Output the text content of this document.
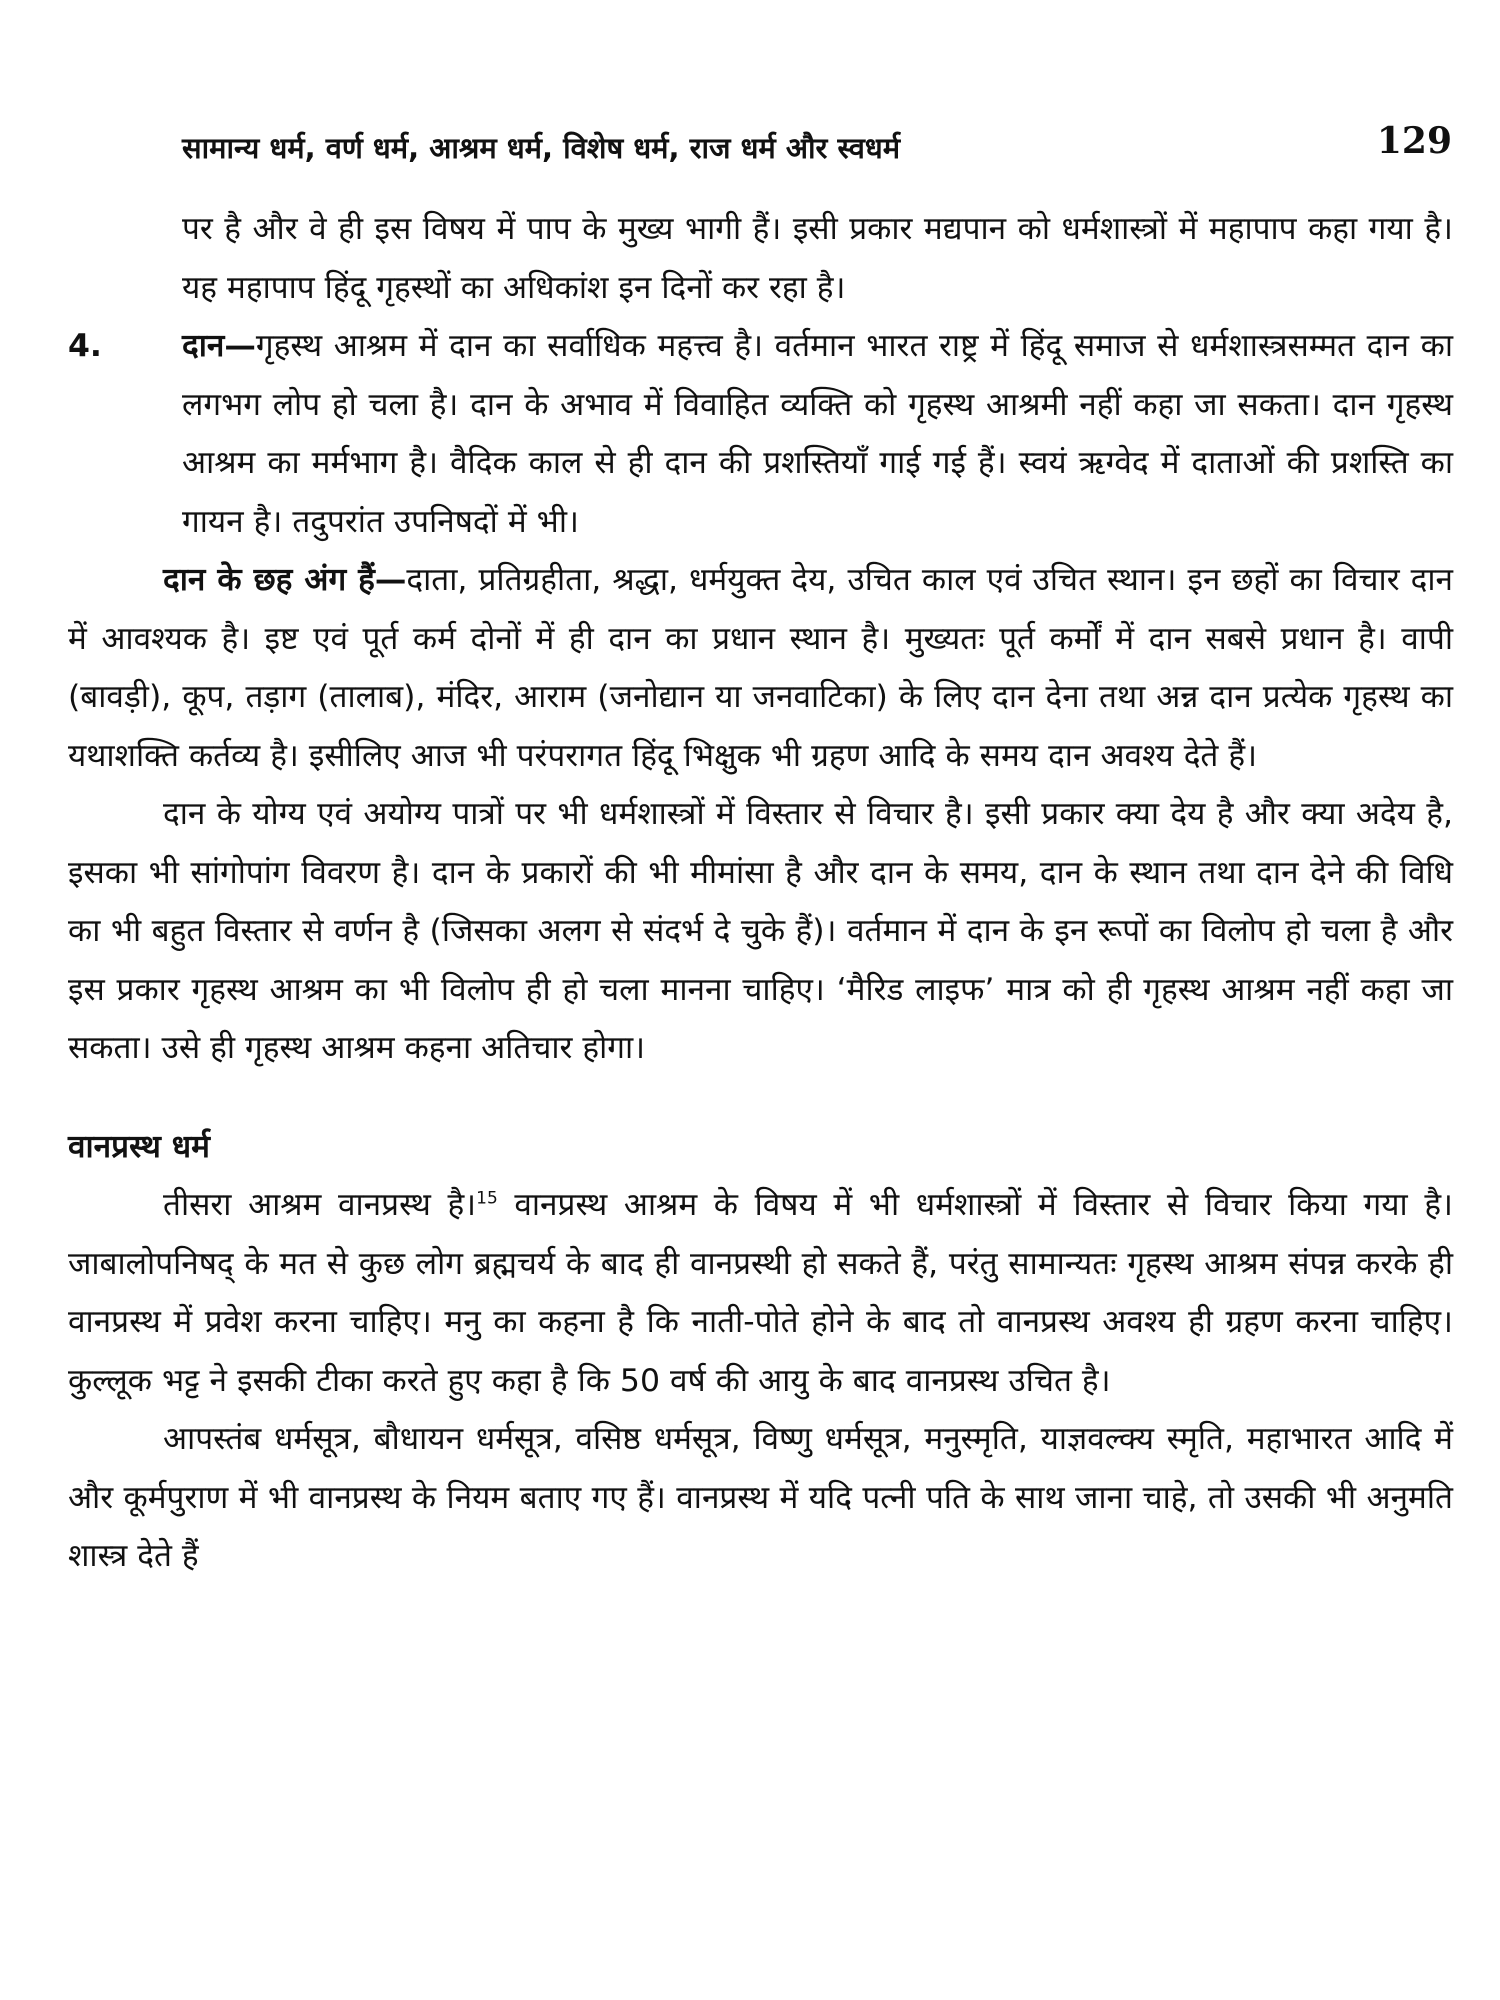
सामान्य धर्म, वर्ण धर्म, आश्रम धर्म, विशेष धर्म, राज धर्म और स्वधर्म	129

पर है और वे ही इस विषय में पाप के मुख्य भागी हैं। इसी प्रकार मद्यपान को धर्मशास्त्रों में महापाप कहा गया है। यह महापाप हिंदू गृहस्थों का अधिकांश इन दिनों कर रहा है।

4.	दान—गृहस्थ आश्रम में दान का सर्वाधिक महत्त्व है। वर्तमान भारत राष्ट्र में हिंदू समाज से धर्मशास्त्रसम्मत दान का लगभग लोप हो चला है। दान के अभाव में विवाहित व्यक्ति को गृहस्थ आश्रमी नहीं कहा जा सकता। दान गृहस्थ आश्रम का मर्मभाग है। वैदिक काल से ही दान की प्रशस्तियाँ गाई गई हैं। स्वयं ऋग्वेद में दाताओं की प्रशस्ति का गायन है। तदुपरांत उपनिषदों में भी।

दान के छह अंग हैं—दाता, प्रतिग्रहीता, श्रद्धा, धर्मयुक्त देय, उचित काल एवं उचित स्थान। इन छहों का विचार दान में आवश्यक है। इष्ट एवं पूर्त कर्म दोनों में ही दान का प्रधान स्थान है। मुख्यतः पूर्त कर्मों में दान सबसे प्रधान है। वापी (बावड़ी), कूप, तड़ाग (तालाब), मंदिर, आराम (जनोद्यान या जनवाटिका) के लिए दान देना तथा अन्न दान प्रत्येक गृहस्थ का यथाशक्ति कर्तव्य है। इसीलिए आज भी परंपरागत हिंदू भिक्षुक भी ग्रहण आदि के समय दान अवश्य देते हैं।

दान के योग्य एवं अयोग्य पात्रों पर भी धर्मशास्त्रों में विस्तार से विचार है। इसी प्रकार क्या देय है और क्या अदेय है, इसका भी सांगोपांग विवरण है। दान के प्रकारों की भी मीमांसा है और दान के समय, दान के स्थान तथा दान देने की विधि का भी बहुत विस्तार से वर्णन है (जिसका अलग से संदर्भ दे चुके हैं)। वर्तमान में दान के इन रूपों का विलोप हो चला है और इस प्रकार गृहस्थ आश्रम का भी विलोप ही हो चला मानना चाहिए। ‘मैरिड लाइफ’ मात्र को ही गृहस्थ आश्रम नहीं कहा जा सकता। उसे ही गृहस्थ आश्रम कहना अतिचार होगा।

वानप्रस्थ धर्म

तीसरा आश्रम वानप्रस्थ है।$^{15}$ वानप्रस्थ आश्रम के विषय में भी धर्मशास्त्रों में विस्तार से विचार किया गया है। जाबालोपनिषद् के मत से कुछ लोग ब्रह्मचर्य के बाद ही वानप्रस्थी हो सकते हैं, परंतु सामान्यतः गृहस्थ आश्रम संपन्न करके ही वानप्रस्थ में प्रवेश करना चाहिए। मनु का कहना है कि नाती-पोते होने के बाद तो वानप्रस्थ अवश्य ही ग्रहण करना चाहिए। कुल्लूक भट्ट ने इसकी टीका करते हुए कहा है कि 50 वर्ष की आयु के बाद वानप्रस्थ उचित है।

आपस्तंब धर्मसूत्र, बौधायन धर्मसूत्र, वसिष्ठ धर्मसूत्र, विष्णु धर्मसूत्र, मनुस्मृति, याज्ञवल्क्य स्मृति, महाभारत आदि में और कूर्मपुराण में भी वानप्रस्थ के नियम बताए गए हैं। वानप्रस्थ में यदि पत्नी पति के साथ जाना चाहे, तो उसकी भी अनुमति शास्त्र देते हैं
